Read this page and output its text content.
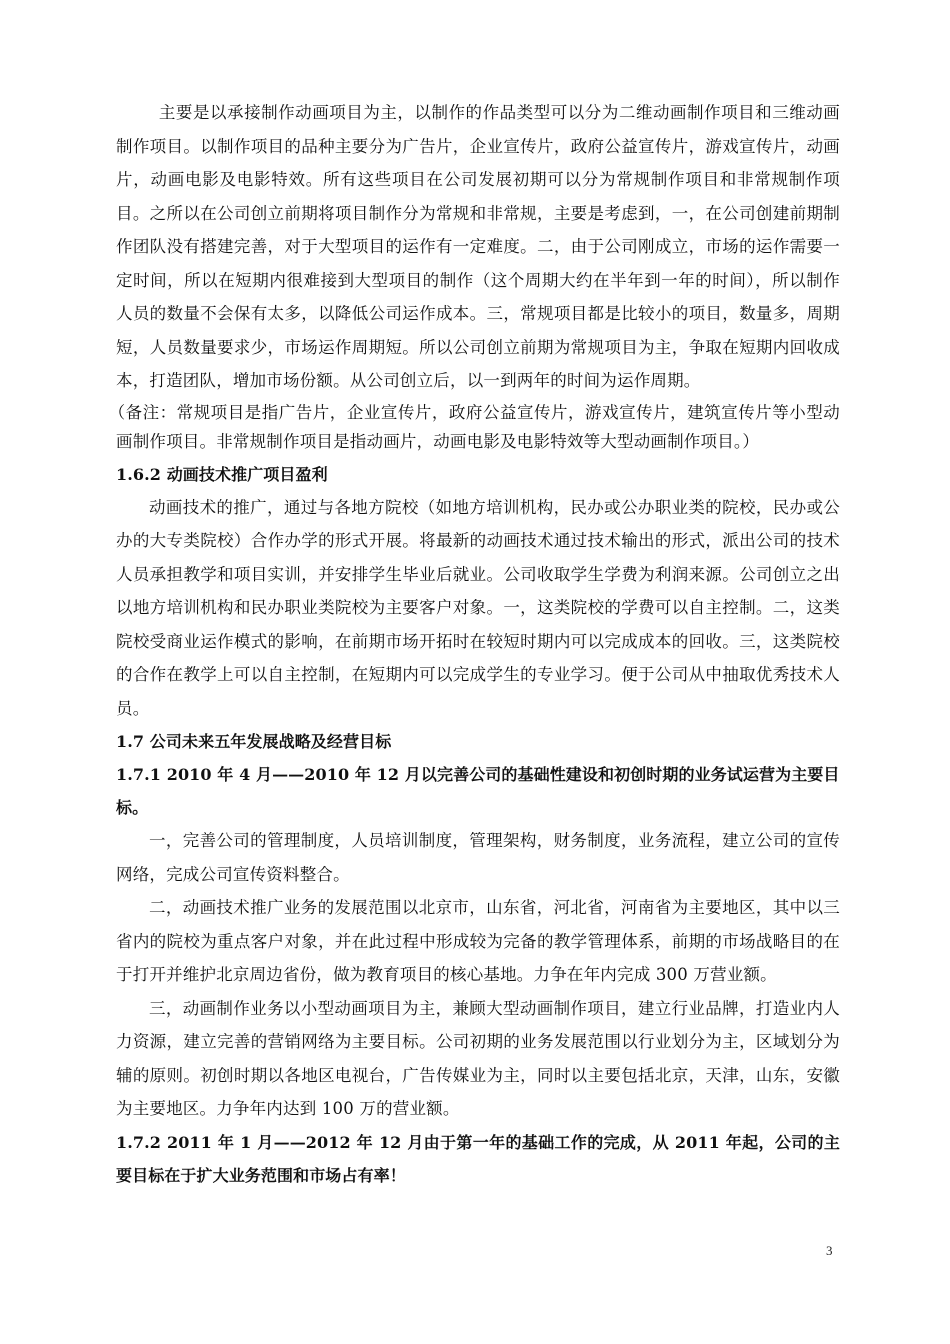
主要是以承接制作动画项目为主，以制作的作品类型可以分为二维动画制作项目和三维动画制作项目。以制作项目的品种主要分为广告片，企业宣传片，政府公益宣传片，游戏宣传片，动画片，动画电影及电影特效。所有这些项目在公司发展初期可以分为常规制作项目和非常规制作项目。之所以在公司创立前期将项目制作分为常规和非常规，主要是考虑到，一，在公司创建前期制作团队没有搭建完善，对于大型项目的运作有一定难度。二，由于公司刚成立，市场的运作需要一定时间，所以在短期内很难接到大型项目的制作（这个周期大约在半年到一年的时间），所以制作人员的数量不会保有太多，以降低公司运作成本。三，常规项目都是比较小的项目，数量多，周期短，人员数量要求少，市场运作周期短。所以公司创立前期为常规项目为主，争取在短期内回收成本，打造团队，增加市场份额。从公司创立后，以一到两年的时间为运作周期。

（备注：常规项目是指广告片，企业宣传片，政府公益宣传片，游戏宣传片，建筑宣传片等小型动画制作项目。非常规制作项目是指动画片，动画电影及电影特效等大型动画制作项目。）

1.6.2 动画技术推广项目盈利

动画技术的推广，通过与各地方院校（如地方培训机构，民办或公办职业类的院校，民办或公办的大专类院校）合作办学的形式开展。将最新的动画技术通过技术输出的形式，派出公司的技术人员承担教学和项目实训，并安排学生毕业后就业。公司收取学生学费为利润来源。公司创立之出以地方培训机构和民办职业类院校为主要客户对象。一，这类院校的学费可以自主控制。二，这类院校受商业运作模式的影响，在前期市场开拓时在较短时期内可以完成成本的回收。三，这类院校的合作在教学上可以自主控制，在短期内可以完成学生的专业学习。便于公司从中抽取优秀技术人员。

1.7 公司未来五年发展战略及经营目标

1.7.1 2010 年 4 月——2010 年 12 月以完善公司的基础性建设和初创时期的业务试运营为主要目标。

一，完善公司的管理制度，人员培训制度，管理架构，财务制度，业务流程，建立公司的宣传网络，完成公司宣传资料整合。

二，动画技术推广业务的发展范围以北京市，山东省，河北省，河南省为主要地区，其中以三省内的院校为重点客户对象，并在此过程中形成较为完备的教学管理体系，前期的市场战略目的在于打开并维护北京周边省份，做为教育项目的核心基地。力争在年内完成 300 万营业额。

三，动画制作业务以小型动画项目为主，兼顾大型动画制作项目，建立行业品牌，打造业内人力资源，建立完善的营销网络为主要目标。公司初期的业务发展范围以行业划分为主，区域划分为辅的原则。初创时期以各地区电视台，广告传媒业为主，同时以主要包括北京，天津，山东，安徽为主要地区。力争年内达到 100 万的营业额。

1.7.2 2011 年 1 月——2012 年 12 月由于第一年的基础工作的完成，从 2011 年起，公司的主要目标在于扩大业务范围和市场占有率！

3
